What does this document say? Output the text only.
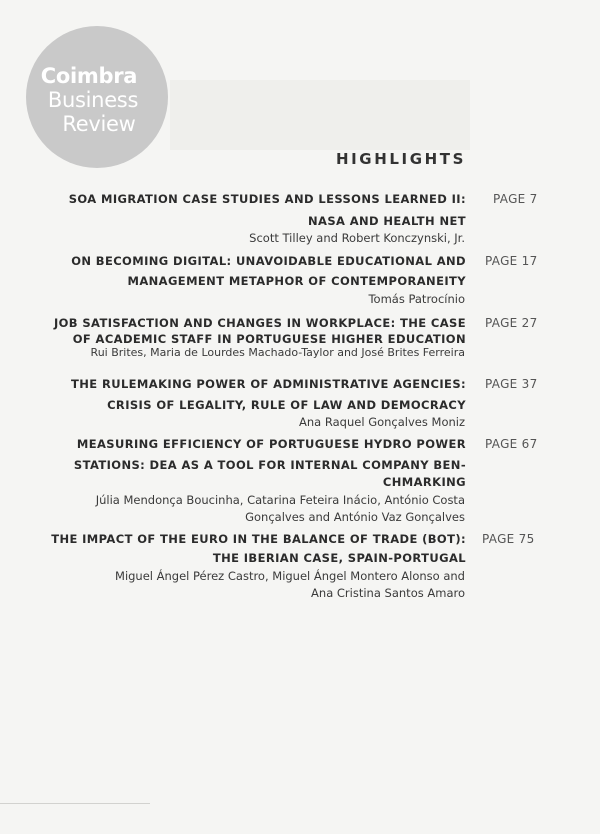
Coimbra
Business
Review
HIGHLIGHTS
SOA MIGRATION CASE STUDIES AND LESSONS LEARNED II:
NASA AND HEALTH NET
Scott Tilley and Robert Konczynski, Jr.
PAGE 7
ON BECOMING DIGITAL: UNAVOIDABLE EDUCATIONAL AND
MANAGEMENT METAPHOR OF CONTEMPORANEITY
Tomás Patrocínio
PAGE 17
JOB SATISFACTION AND CHANGES IN WORKPLACE: THE CASE
OF ACADEMIC STAFF IN PORTUGUESE HIGHER EDUCATION
Rui Brites, Maria de Lourdes Machado-Taylor and José Brites Ferreira
PAGE 27
THE RULEMAKING POWER OF ADMINISTRATIVE AGENCIES:
CRISIS OF LEGALITY, RULE OF LAW AND DEMOCRACY
Ana Raquel Gonçalves Moniz
PAGE 37
MEASURING EFFICIENCY OF PORTUGUESE HYDRO POWER
STATIONS: DEA AS A TOOL FOR INTERNAL COMPANY BEN-
CHMARKING
Júlia Mendonça Boucinha, Catarina Feteira Inácio, António Costa
Gonçalves and António Vaz Gonçalves
PAGE 67
THE IMPACT OF THE EURO IN THE BALANCE OF TRADE (BOT):
THE IBERIAN CASE, SPAIN-PORTUGAL
Miguel Ángel Pérez Castro, Miguel Ángel Montero Alonso and
Ana Cristina Santos Amaro
PAGE 75
